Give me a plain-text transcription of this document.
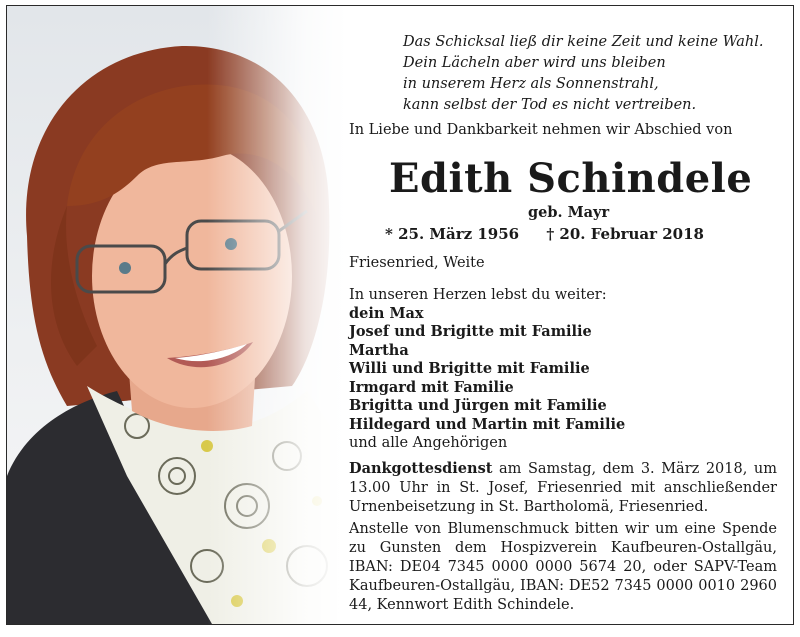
Das Schicksal ließ dir keine Zeit und keine Wahl.
Dein Lächeln aber wird uns bleiben
in unserem Herz als Sonnenstrahl,
kann selbst der Tod es nicht vertreiben.
In Liebe und Dankbarkeit nehmen wir Abschied von
Edith Schindele
geb. Mayr
* 25. März 1956 † 20. Februar 2018
Friesenried, Weite
In unseren Herzen lebst du weiter:
dein Max
Josef und Brigitte mit Familie
Martha
Willi und Brigitte mit Familie
Irmgard mit Familie
Brigitta und Jürgen mit Familie
Hildegard und Martin mit Familie
und alle Angehörigen
Dankgottesdienst am Samstag, dem 3. März 2018, um 13.00 Uhr in St. Josef, Friesenried mit anschließender Urnenbeisetzung in St. Bartholomä, Friesenried.
Anstelle von Blumenschmuck bitten wir um eine Spende zu Gunsten dem Hospizverein Kaufbeuren-Ostallgäu, IBAN: DE04 7345 0000 0000 5674 20, oder SAPV-Team Kaufbeuren-Ostallgäu, IBAN: DE52 7345 0000 0010 2960 44, Kennwort Edith Schindele.
